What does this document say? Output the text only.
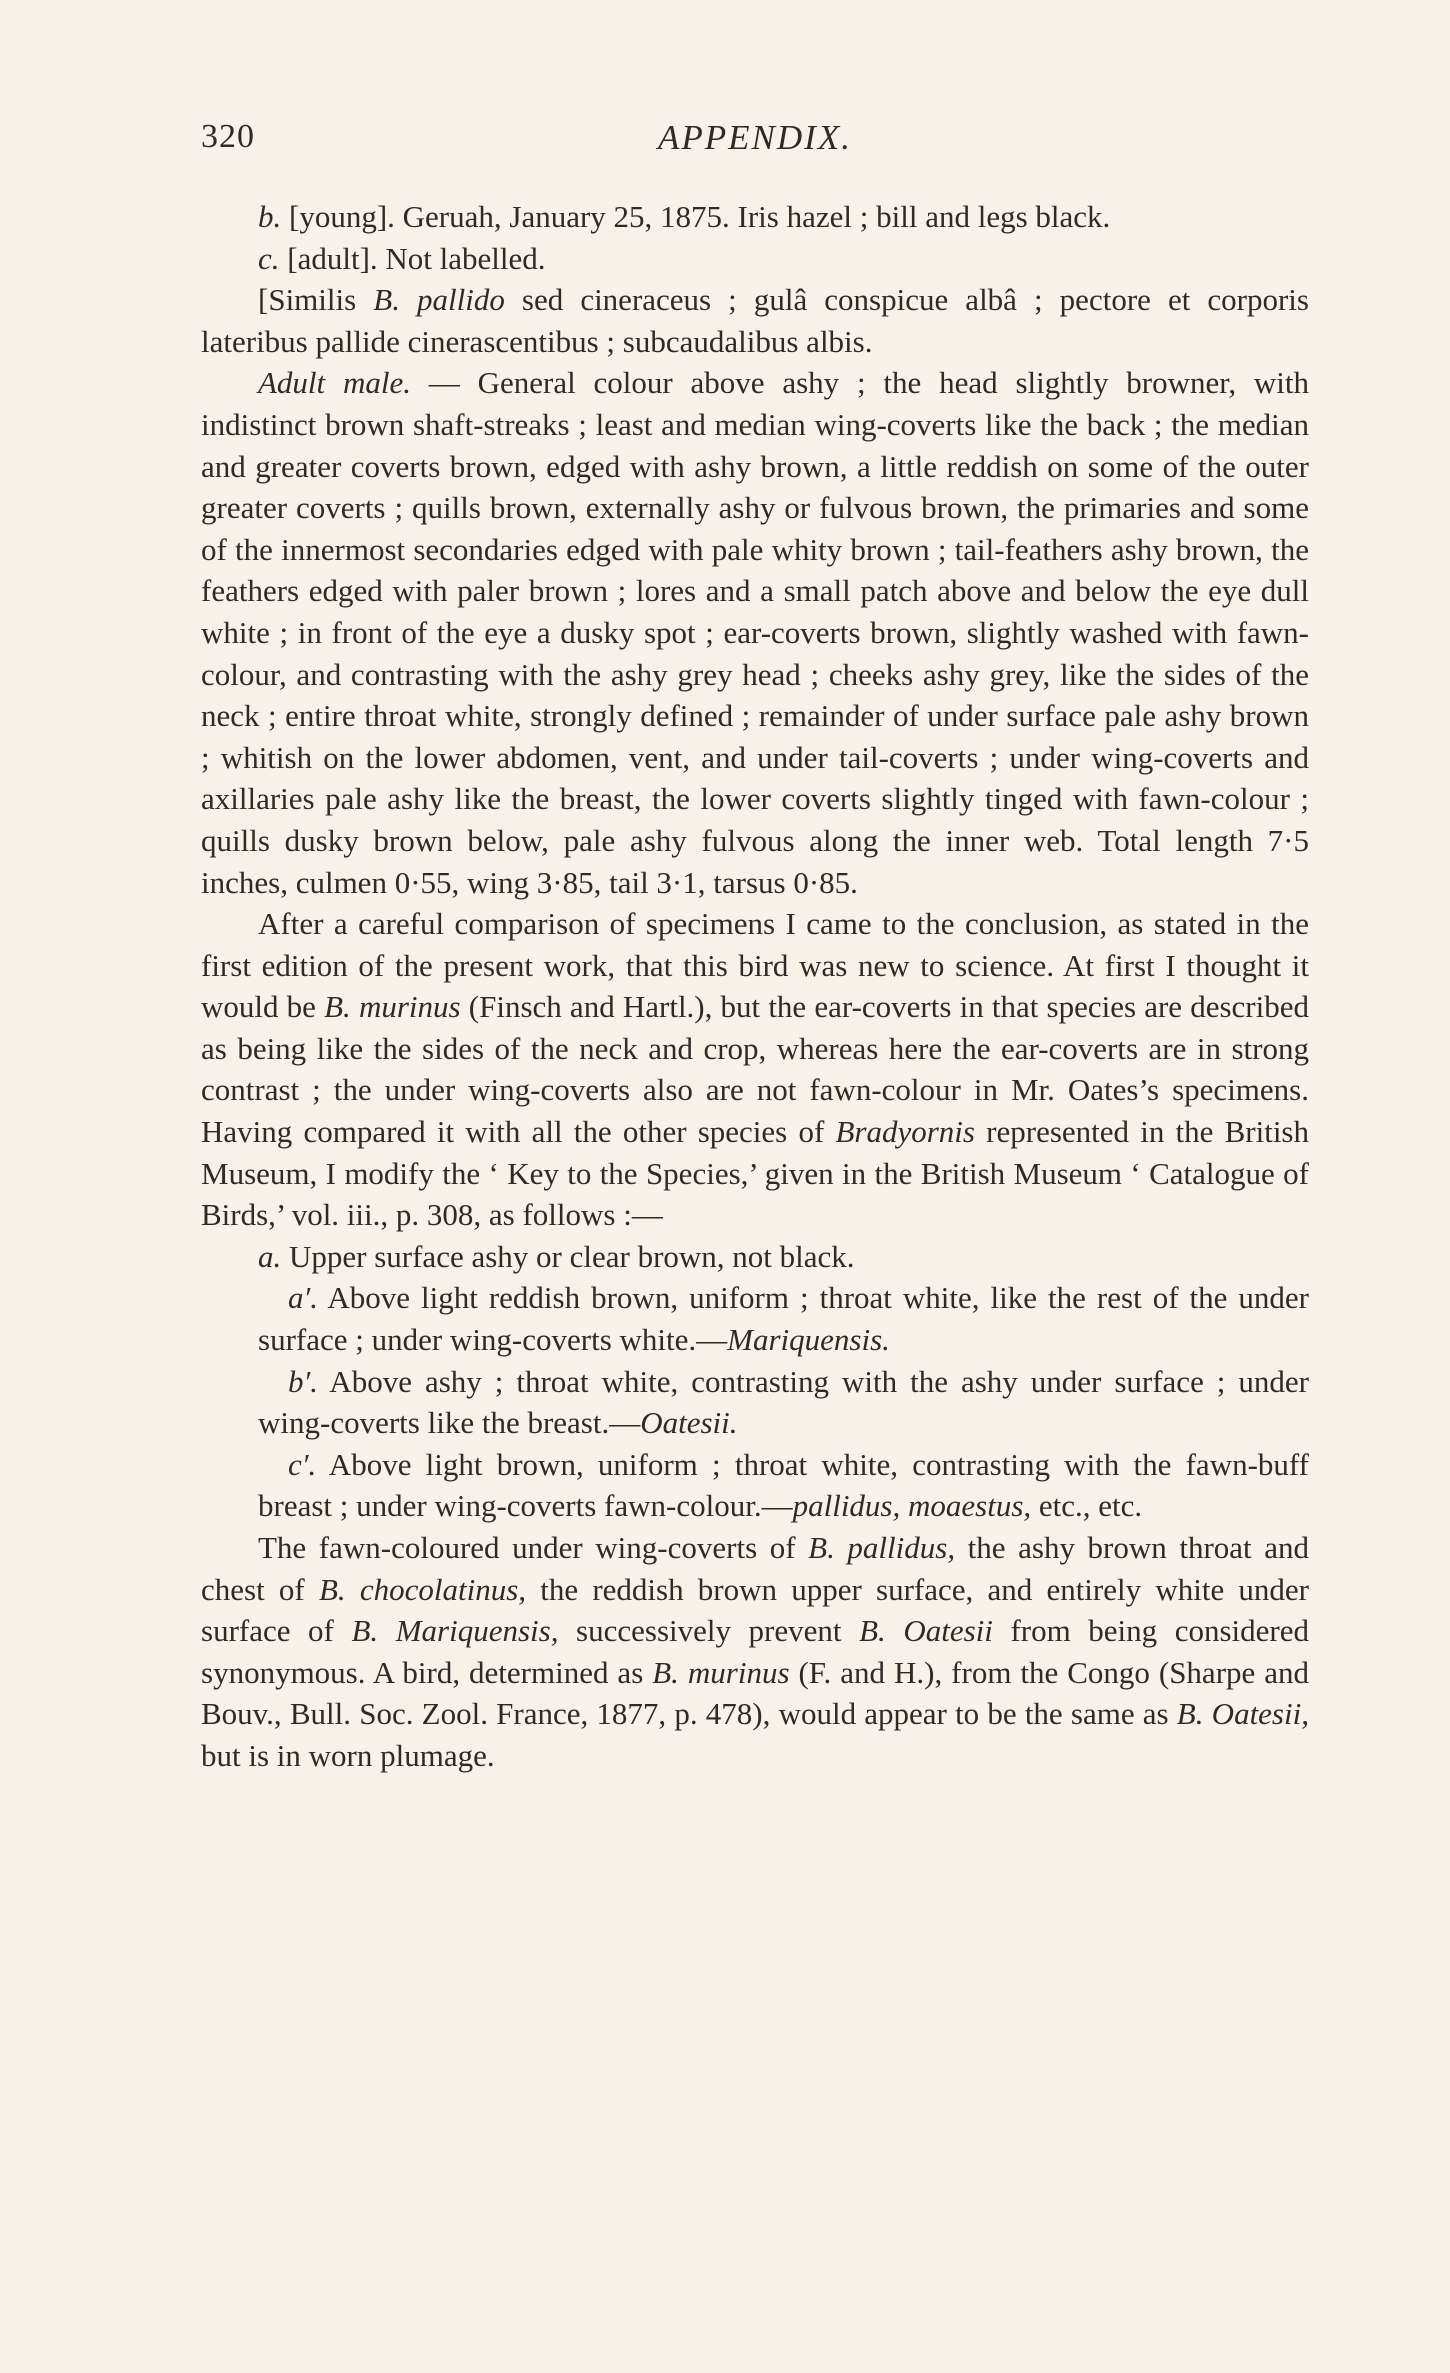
320	APPENDIX.

b. [young]. Geruah, January 25, 1875. Iris hazel ; bill and legs black.

c. [adult]. Not labelled.

[Similis B. pallido sed cineraceus ; gulâ conspicue albâ ; pectore et corporis lateribus pallide cinerascentibus ; subcaudalibus albis.

Adult male. — General colour above ashy ; the head slightly browner, with indistinct brown shaft-streaks ; least and median wing-coverts like the back ; the median and greater coverts brown, edged with ashy brown, a little reddish on some of the outer greater coverts ; quills brown, externally ashy or fulvous brown, the primaries and some of the innermost secondaries edged with pale whity brown ; tail-feathers ashy brown, the feathers edged with paler brown ; lores and a small patch above and below the eye dull white ; in front of the eye a dusky spot ; ear-coverts brown, slightly washed with fawn-colour, and contrasting with the ashy grey head ; cheeks ashy grey, like the sides of the neck ; entire throat white, strongly defined ; remainder of under surface pale ashy brown ; whitish on the lower abdomen, vent, and under tail-coverts ; under wing-coverts and axillaries pale ashy like the breast, the lower coverts slightly tinged with fawn-colour ; quills dusky brown below, pale ashy fulvous along the inner web. Total length 7·5 inches, culmen 0·55, wing 3·85, tail 3·1, tarsus 0·85.

After a careful comparison of specimens I came to the conclusion, as stated in the first edition of the present work, that this bird was new to science. At first I thought it would be B. murinus (Finsch and Hartl.), but the ear-coverts in that species are described as being like the sides of the neck and crop, whereas here the ear-coverts are in strong contrast ; the under wing-coverts also are not fawn-colour in Mr. Oates’s specimens. Having compared it with all the other species of Bradyornis represented in the British Museum, I modify the ‘ Key to the Species,’ given in the British Museum ‘ Catalogue of Birds,’ vol. iii., p. 308, as follows :—

a. Upper surface ashy or clear brown, not black.

a′. Above light reddish brown, uniform ; throat white, like the rest of the under surface ; under wing-coverts white.—Mariquensis.

b′. Above ashy ; throat white, contrasting with the ashy under surface ; under wing-coverts like the breast.—Oatesii.

c′. Above light brown, uniform ; throat white, contrasting with the fawn-buff breast ; under wing-coverts fawn-colour.—pallidus, moaestus, etc., etc.

The fawn-coloured under wing-coverts of B. pallidus, the ashy brown throat and chest of B. chocolatinus, the reddish brown upper surface, and entirely white under surface of B. Mariquensis, successively prevent B. Oatesii from being considered synonymous. A bird, determined as B. murinus (F. and H.), from the Congo (Sharpe and Bouv., Bull. Soc. Zool. France, 1877, p. 478), would appear to be the same as B. Oatesii, but is in worn plumage.
